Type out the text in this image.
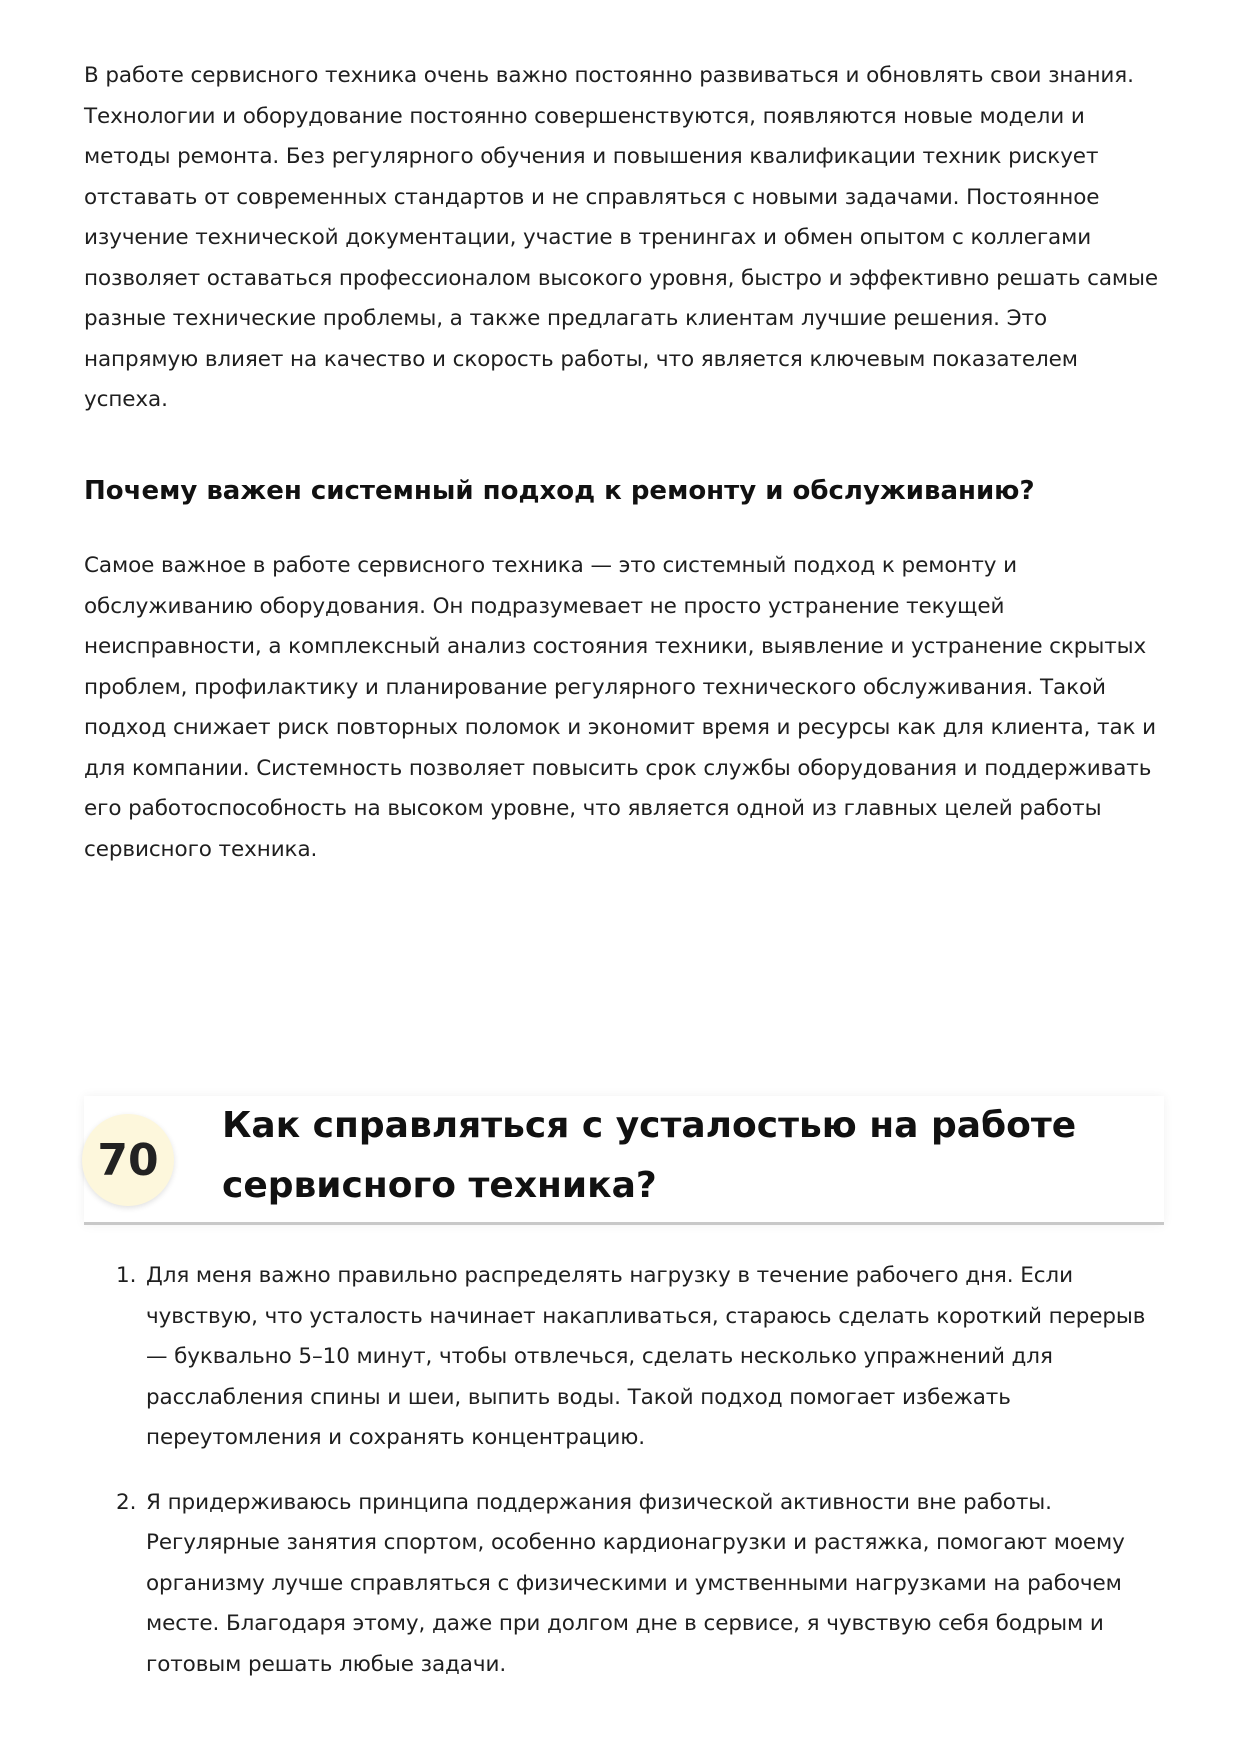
В работе сервисного техника очень важно постоянно развиваться и обновлять свои знания. Технологии и оборудование постоянно совершенствуются, появляются новые модели и методы ремонта. Без регулярного обучения и повышения квалификации техник рискует отставать от современных стандартов и не справляться с новыми задачами. Постоянное изучение технической документации, участие в тренингах и обмен опытом с коллегами позволяет оставаться профессионалом высокого уровня, быстро и эффективно решать самые разные технические проблемы, а также предлагать клиентам лучшие решения. Это напрямую влияет на качество и скорость работы, что является ключевым показателем успеха.

Почему важен системный подход к ремонту и обслуживанию?

Самое важное в работе сервисного техника — это системный подход к ремонту и обслуживанию оборудования. Он подразумевает не просто устранение текущей неисправности, а комплексный анализ состояния техники, выявление и устранение скрытых проблем, профилактику и планирование регулярного технического обслуживания. Такой подход снижает риск повторных поломок и экономит время и ресурсы как для клиента, так и для компании. Системность позволяет повысить срок службы оборудования и поддерживать его работоспособность на высоком уровне, что является одной из главных целей работы сервисного техника.

70
Как справляться с усталостью на работе сервисного техника?
1. Для меня важно правильно распределять нагрузку в течение рабочего дня. Если чувствую, что усталость начинает накапливаться, стараюсь сделать короткий перерыв — буквально 5–10 минут, чтобы отвлечься, сделать несколько упражнений для расслабления спины и шеи, выпить воды. Такой подход помогает избежать переутомления и сохранять концентрацию.
2. Я придерживаюсь принципа поддержания физической активности вне работы. Регулярные занятия спортом, особенно кардионагрузки и растяжка, помогают моему организму лучше справляться с физическими и умственными нагрузками на рабочем месте. Благодаря этому, даже при долгом дне в сервисе, я чувствую себя бодрым и готовым решать любые задачи.
